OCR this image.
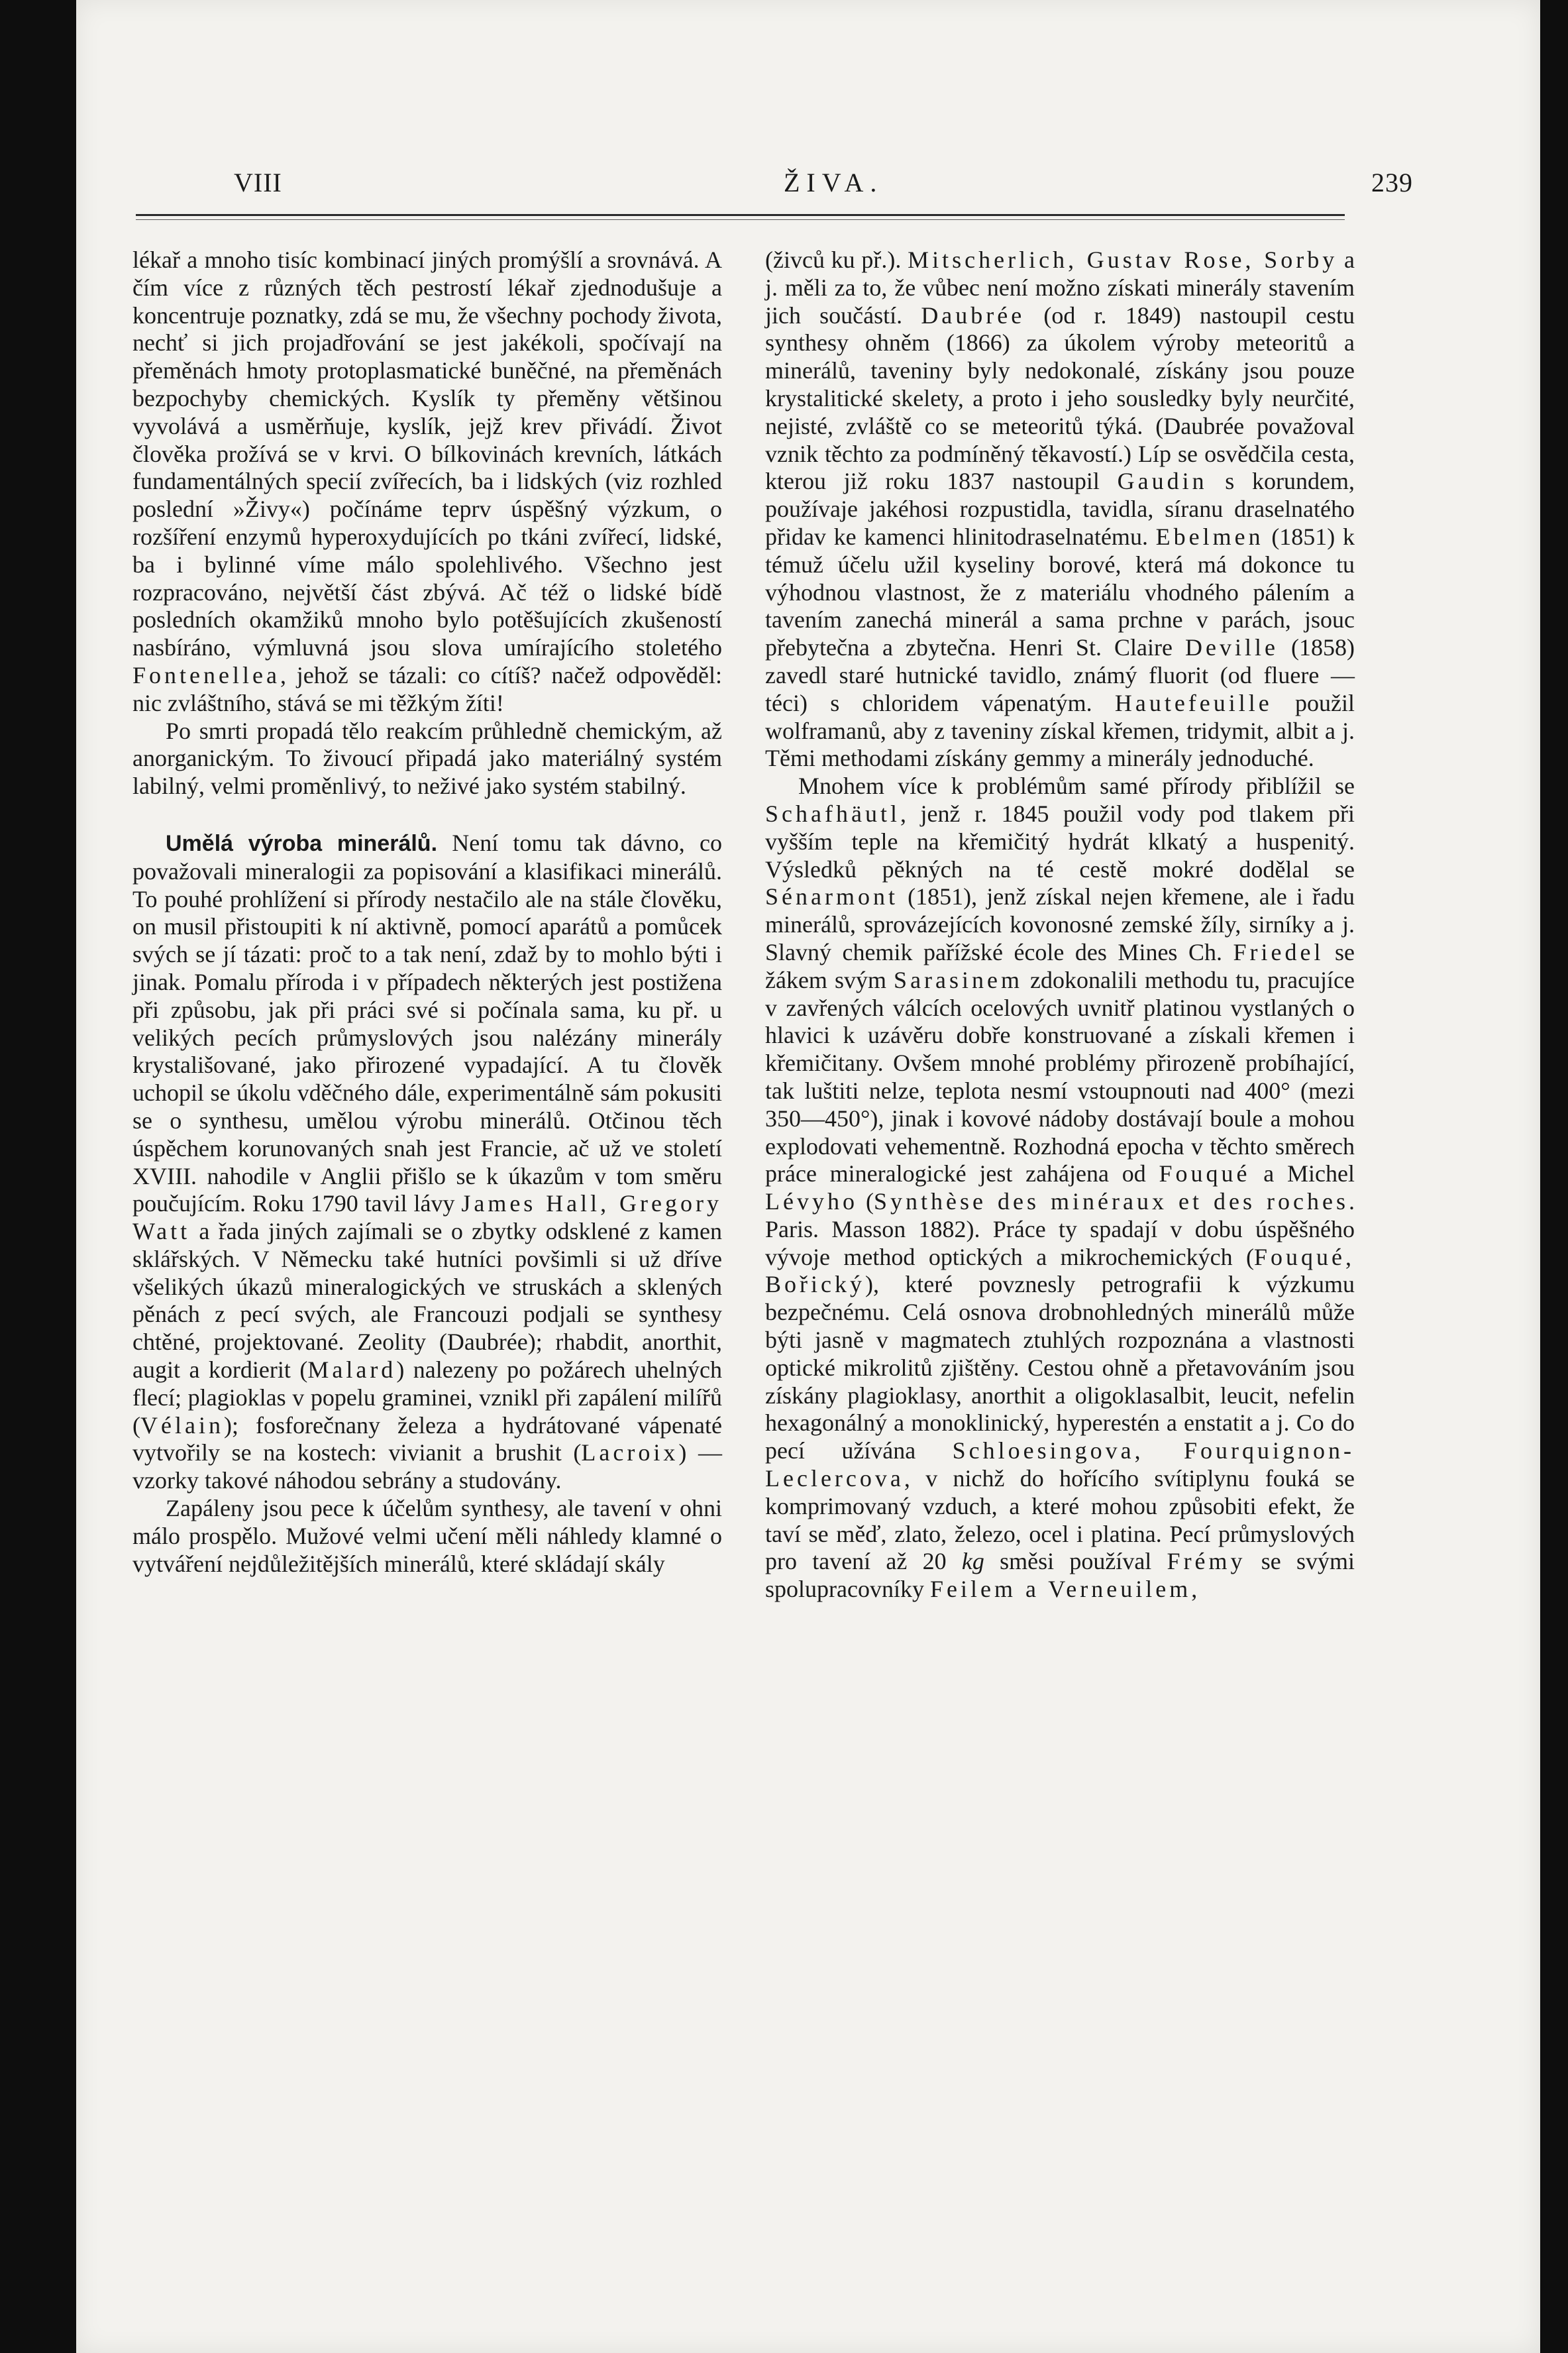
VIII	ŽIVA.	239

lékař a mnoho tisíc kombinací jiných promýšlí a srovnává. A čím více z různých těch pestrostí lékař zjednodušuje a koncentruje poznatky, zdá se mu, že všechny pochody života, nechť si jich projadřování se jest jakékoli, spočívají na přeměnách hmoty protoplasmatické buněčné, na přeměnách bezpochyby chemických. Kyslík ty přeměny většinou vyvolává a usměrňuje, kyslík, jejž krev přivádí. Život člověka prožívá se v krvi. O bílkovinách krevních, látkách fundamentálných specií zvířecích, ba i lidských (viz rozhled poslední »Živy«) počínáme teprv úspěšný výzkum, o rozšíření enzymů hyperoxydujících po tkáni zvířecí, lidské, ba i bylinné víme málo spolehlivého. Všechno jest rozpracováno, největší část zbývá. Ač též o lidské bídě posledních okamžiků mnoho bylo potěšujících zkušeností nasbíráno, výmluvná jsou slova umírajícího stoletého Fontenellea, jehož se tázali: co cítíš? načež odpověděl: nic zvláštního, stává se mi těžkým žíti!

Po smrti propadá tělo reakcím průhledně chemickým, až anorganickým. To živoucí připadá jako materiálný systém labilný, velmi proměnlivý, to neživé jako systém stabilný.

Umělá výroba minerálů. Není tomu tak dávno, co považovali mineralogii za popisování a klasifikaci minerálů. To pouhé prohlížení si přírody nestačilo ale na stále člověku, on musil přistoupiti k ní aktivně, pomocí aparátů a pomůcek svých se jí tázati: proč to a tak není, zdaž by to mohlo býti i jinak. Pomalu příroda i v případech některých jest postižena při způsobu, jak při práci své si počínala sama, ku př. u velikých pecích průmyslových jsou nalézány minerály krystališované, jako přirozené vypadající. A tu člověk uchopil se úkolu vděčného dále, experimentálně sám pokusiti se o synthesu, umělou výrobu minerálů. Otčinou těch úspěchem korunovaných snah jest Francie, ač už ve století XVIII. nahodile v Anglii přišlo se k úkazům v tom směru poučujícím. Roku 1790 tavil lávy James Hall, Gregory Watt a řada jiných zajímali se o zbytky odsklené z kamen sklářských. V Německu také hutníci povšimli si už dříve všelikých úkazů mineralogických ve struskách a sklených pěnách z pecí svých, ale Francouzi podjali se synthesy chtěné, projektované. Zeolity (Daubrée); rhabdit, anorthit, augit a kordierit (Malard) nalezeny po požárech uhelných flecí; plagioklas v popelu graminei, vznikl při zapálení milířů (Vélain); fosforečnany železa a hydrátované vápenaté vytvořily se na kostech: vivianit a brushit (Lacroix) — vzorky takové náhodou sebrány a studovány.

Zapáleny jsou pece k účelům synthesy, ale tavení v ohni málo prospělo. Mužové velmi učení měli náhledy klamné o vytváření nejdůležitějších minerálů, které skládají skály

(živců ku př.). Mitscherlich, Gustav Rose, Sorby a j. měli za to, že vůbec není možno získati minerály stavením jich součástí. Daubrée (od r. 1849) nastoupil cestu synthesy ohněm (1866) za úkolem výroby meteoritů a minerálů, taveniny byly nedokonalé, získány jsou pouze krystalitické skelety, a proto i jeho sousledky byly neurčité, nejisté, zvláště co se meteoritů týká. (Daubrée považoval vznik těchto za podmíněný těkavostí.) Líp se osvědčila cesta, kterou již roku 1837 nastoupil Gaudin s korundem, používaje jakéhosi rozpustidla, tavidla, síranu draselnatého přidav ke kamenci hlinitodraselnatému. Ebelmen (1851) k témuž účelu užil kyseliny borové, která má dokonce tu výhodnou vlastnost, že z materiálu vhodného pálením a tavením zanechá minerál a sama prchne v parách, jsouc přebytečna a zbytečna. Henri St. Claire Deville (1858) zavedl staré hutnické tavidlo, známý fluorit (od fluere — téci) s chloridem vápenatým. Hautefeuille použil wolframanů, aby z taveniny získal křemen, tridymit, albit a j. Těmi methodami získány gemmy a minerály jednoduché.

Mnohem více k problémům samé přírody přiblížil se Schafhäutl, jenž r. 1845 použil vody pod tlakem při vyšším teple na křemičitý hydrát klkatý a huspenitý. Výsledků pěkných na té cestě mokré dodělal se Sénarmont (1851), jenž získal nejen křemene, ale i řadu minerálů, sprovázejících kovonosné zemské žíly, sirníky a j. Slavný chemik pařížské école des Mines Ch. Friedel se žákem svým Sarasinem zdokonalili methodu tu, pracujíce v zavřených válcích ocelových uvnitř platinou vystlaných o hlavici k uzávěru dobře konstruované a získali křemen i křemičitany. Ovšem mnohé problémy přirozeně probíhající, tak luštiti nelze, teplota nesmí vstoupnouti nad 400° (mezi 350—450°), jinak i kovové nádoby dostávají boule a mohou explodovati vehementně. Rozhodná epocha v těchto směrech práce mineralogické jest zahájena od Fouqué a Michel Lévyho (Synthèse des minéraux et des roches. Paris. Masson 1882). Práce ty spadají v dobu úspěšného vývoje method optických a mikrochemických (Fouqué, Bořický), které povznesly petrografii k výzkumu bezpečnému. Celá osnova drobnohledných minerálů může býti jasně v magmatech ztuhlých rozpoznána a vlastnosti optické mikrolitů zjištěny. Cestou ohně a přetavováním jsou získány plagioklasy, anorthit a oligoklasalbit, leucit, nefelin hexagonálný a monoklinický, hyperestén a enstatit a j. Co do pecí užívána Schloesingova, Fourquignon-Leclercova, v nichž do hořícího svítiplynu fouká se komprimovaný vzduch, a které mohou způsobiti efekt, že taví se měď, zlato, železo, ocel i platina. Pecí průmyslových pro tavení až 20 kg směsi používal Frémy se svými spolupracovníky Feilem a Verneuilem,
